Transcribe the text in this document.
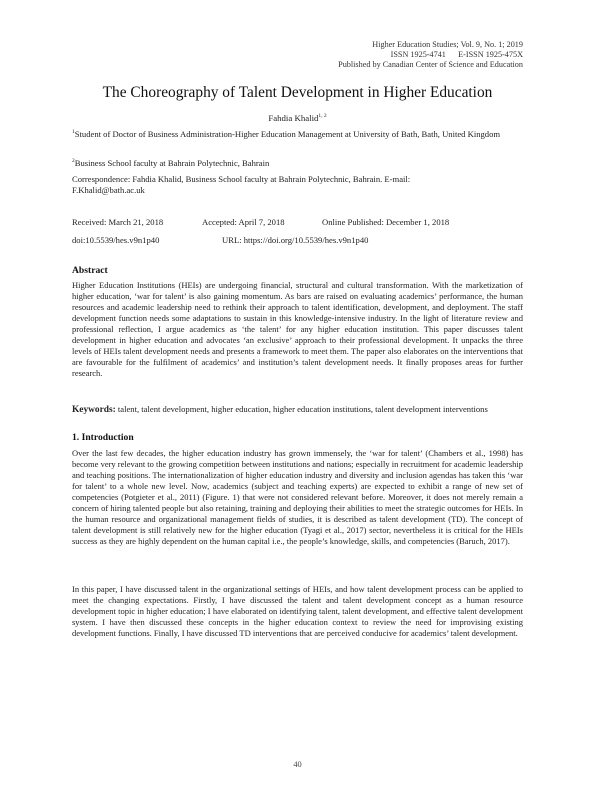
Higher Education Studies; Vol. 9, No. 1; 2019
ISSN 1925-4741      E-ISSN 1925-475X
Published by Canadian Center of Science and Education
The Choreography of Talent Development in Higher Education
Fahdia Khalid$^{1, 2}$
$^1$Student of Doctor of Business Administration-Higher Education Management at University of Bath, Bath, United Kingdom
$^2$Business School faculty at Bahrain Polytechnic, Bahrain
Correspondence: Fahdia Khalid, Business School faculty at Bahrain Polytechnic, Bahrain. E-mail: F.Khalid@bath.ac.uk
Received: March 21, 2018	Accepted: April 7, 2018	Online Published: December 1, 2018
doi:10.5539/hes.v9n1p40	URL: https://doi.org/10.5539/hes.v9n1p40
Abstract
Higher Education Institutions (HEIs) are undergoing financial, structural and cultural transformation. With the marketization of higher education, ‘war for talent’ is also gaining momentum. As bars are raised on evaluating academics’ performance, the human resources and academic leadership need to rethink their approach to talent identification, development, and deployment. The staff development function needs some adaptations to sustain in this knowledge-intensive industry. In the light of literature review and professional reflection, I argue academics as ‘the talent’ for any higher education institution. This paper discusses talent development in higher education and advocates ‘an exclusive’ approach to their professional development. It unpacks the three levels of HEIs talent development needs and presents a framework to meet them. The paper also elaborates on the interventions that are favourable for the fulfilment of academics’ and institution’s talent development needs. It finally proposes areas for further research.
Keywords: talent, talent development, higher education, higher education institutions, talent development interventions
1. Introduction
Over the last few decades, the higher education industry has grown immensely, the ‘war for talent’ (Chambers et al., 1998) has become very relevant to the growing competition between institutions and nations; especially in recruitment for academic leadership and teaching positions. The internationalization of higher education industry and diversity and inclusion agendas has taken this ‘war for talent’ to a whole new level. Now, academics (subject and teaching experts) are expected to exhibit a range of new set of competencies (Potgieter et al., 2011) (Figure. 1) that were not considered relevant before. Moreover, it does not merely remain a concern of hiring talented people but also retaining, training and deploying their abilities to meet the strategic outcomes for HEIs. In the human resource and organizational management fields of studies, it is described as talent development (TD). The concept of talent development is still relatively new for the higher education (Tyagi et al., 2017) sector, nevertheless it is critical for the HEIs success as they are highly dependent on the human capital i.e., the people’s knowledge, skills, and competencies (Baruch, 2017).
In this paper, I have discussed talent in the organizational settings of HEIs, and how talent development process can be applied to meet the changing expectations. Firstly, I have discussed the talent and talent development concept as a human resource development topic in higher education; I have elaborated on identifying talent, talent development, and effective talent development system. I have then discussed these concepts in the higher education context to review the need for improvising existing development functions. Finally, I have discussed TD interventions that are perceived conducive for academics’ talent development.
40
